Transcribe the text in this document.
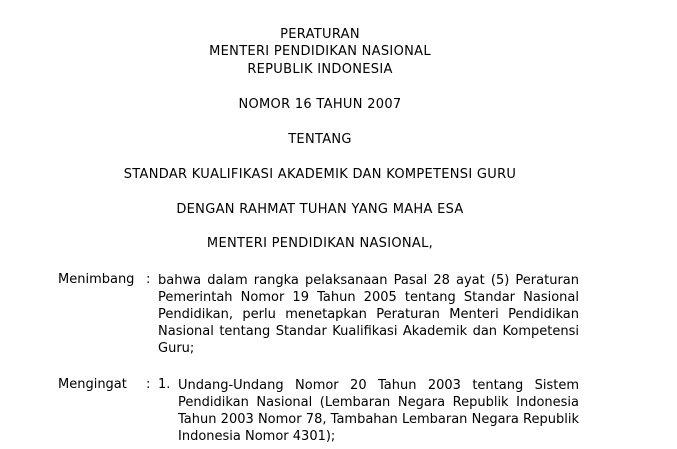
PERATURAN
MENTERI PENDIDIKAN NASIONAL
REPUBLIK INDONESIA
NOMOR 16 TAHUN 2007
TENTANG
STANDAR KUALIFIKASI AKADEMIK DAN KOMPETENSI GURU
DENGAN RAHMAT TUHAN YANG MAHA ESA
MENTERI PENDIDIKAN NASIONAL,
Menimbang : bahwa dalam rangka pelaksanaan Pasal 28 ayat (5) Peraturan
Pemerintah Nomor 19 Tahun 2005 tentang Standar Nasional
Pendidikan, perlu menetapkan Peraturan Menteri Pendidikan
Nasional tentang Standar Kualifikasi Akademik dan Kompetensi
Guru;
Mengingat : 1. Undang-Undang Nomor 20 Tahun 2003 tentang Sistem
Pendidikan Nasional (Lembaran Negara Republik Indonesia
Tahun 2003 Nomor 78, Tambahan Lembaran Negara Republik
Indonesia Nomor 4301);
